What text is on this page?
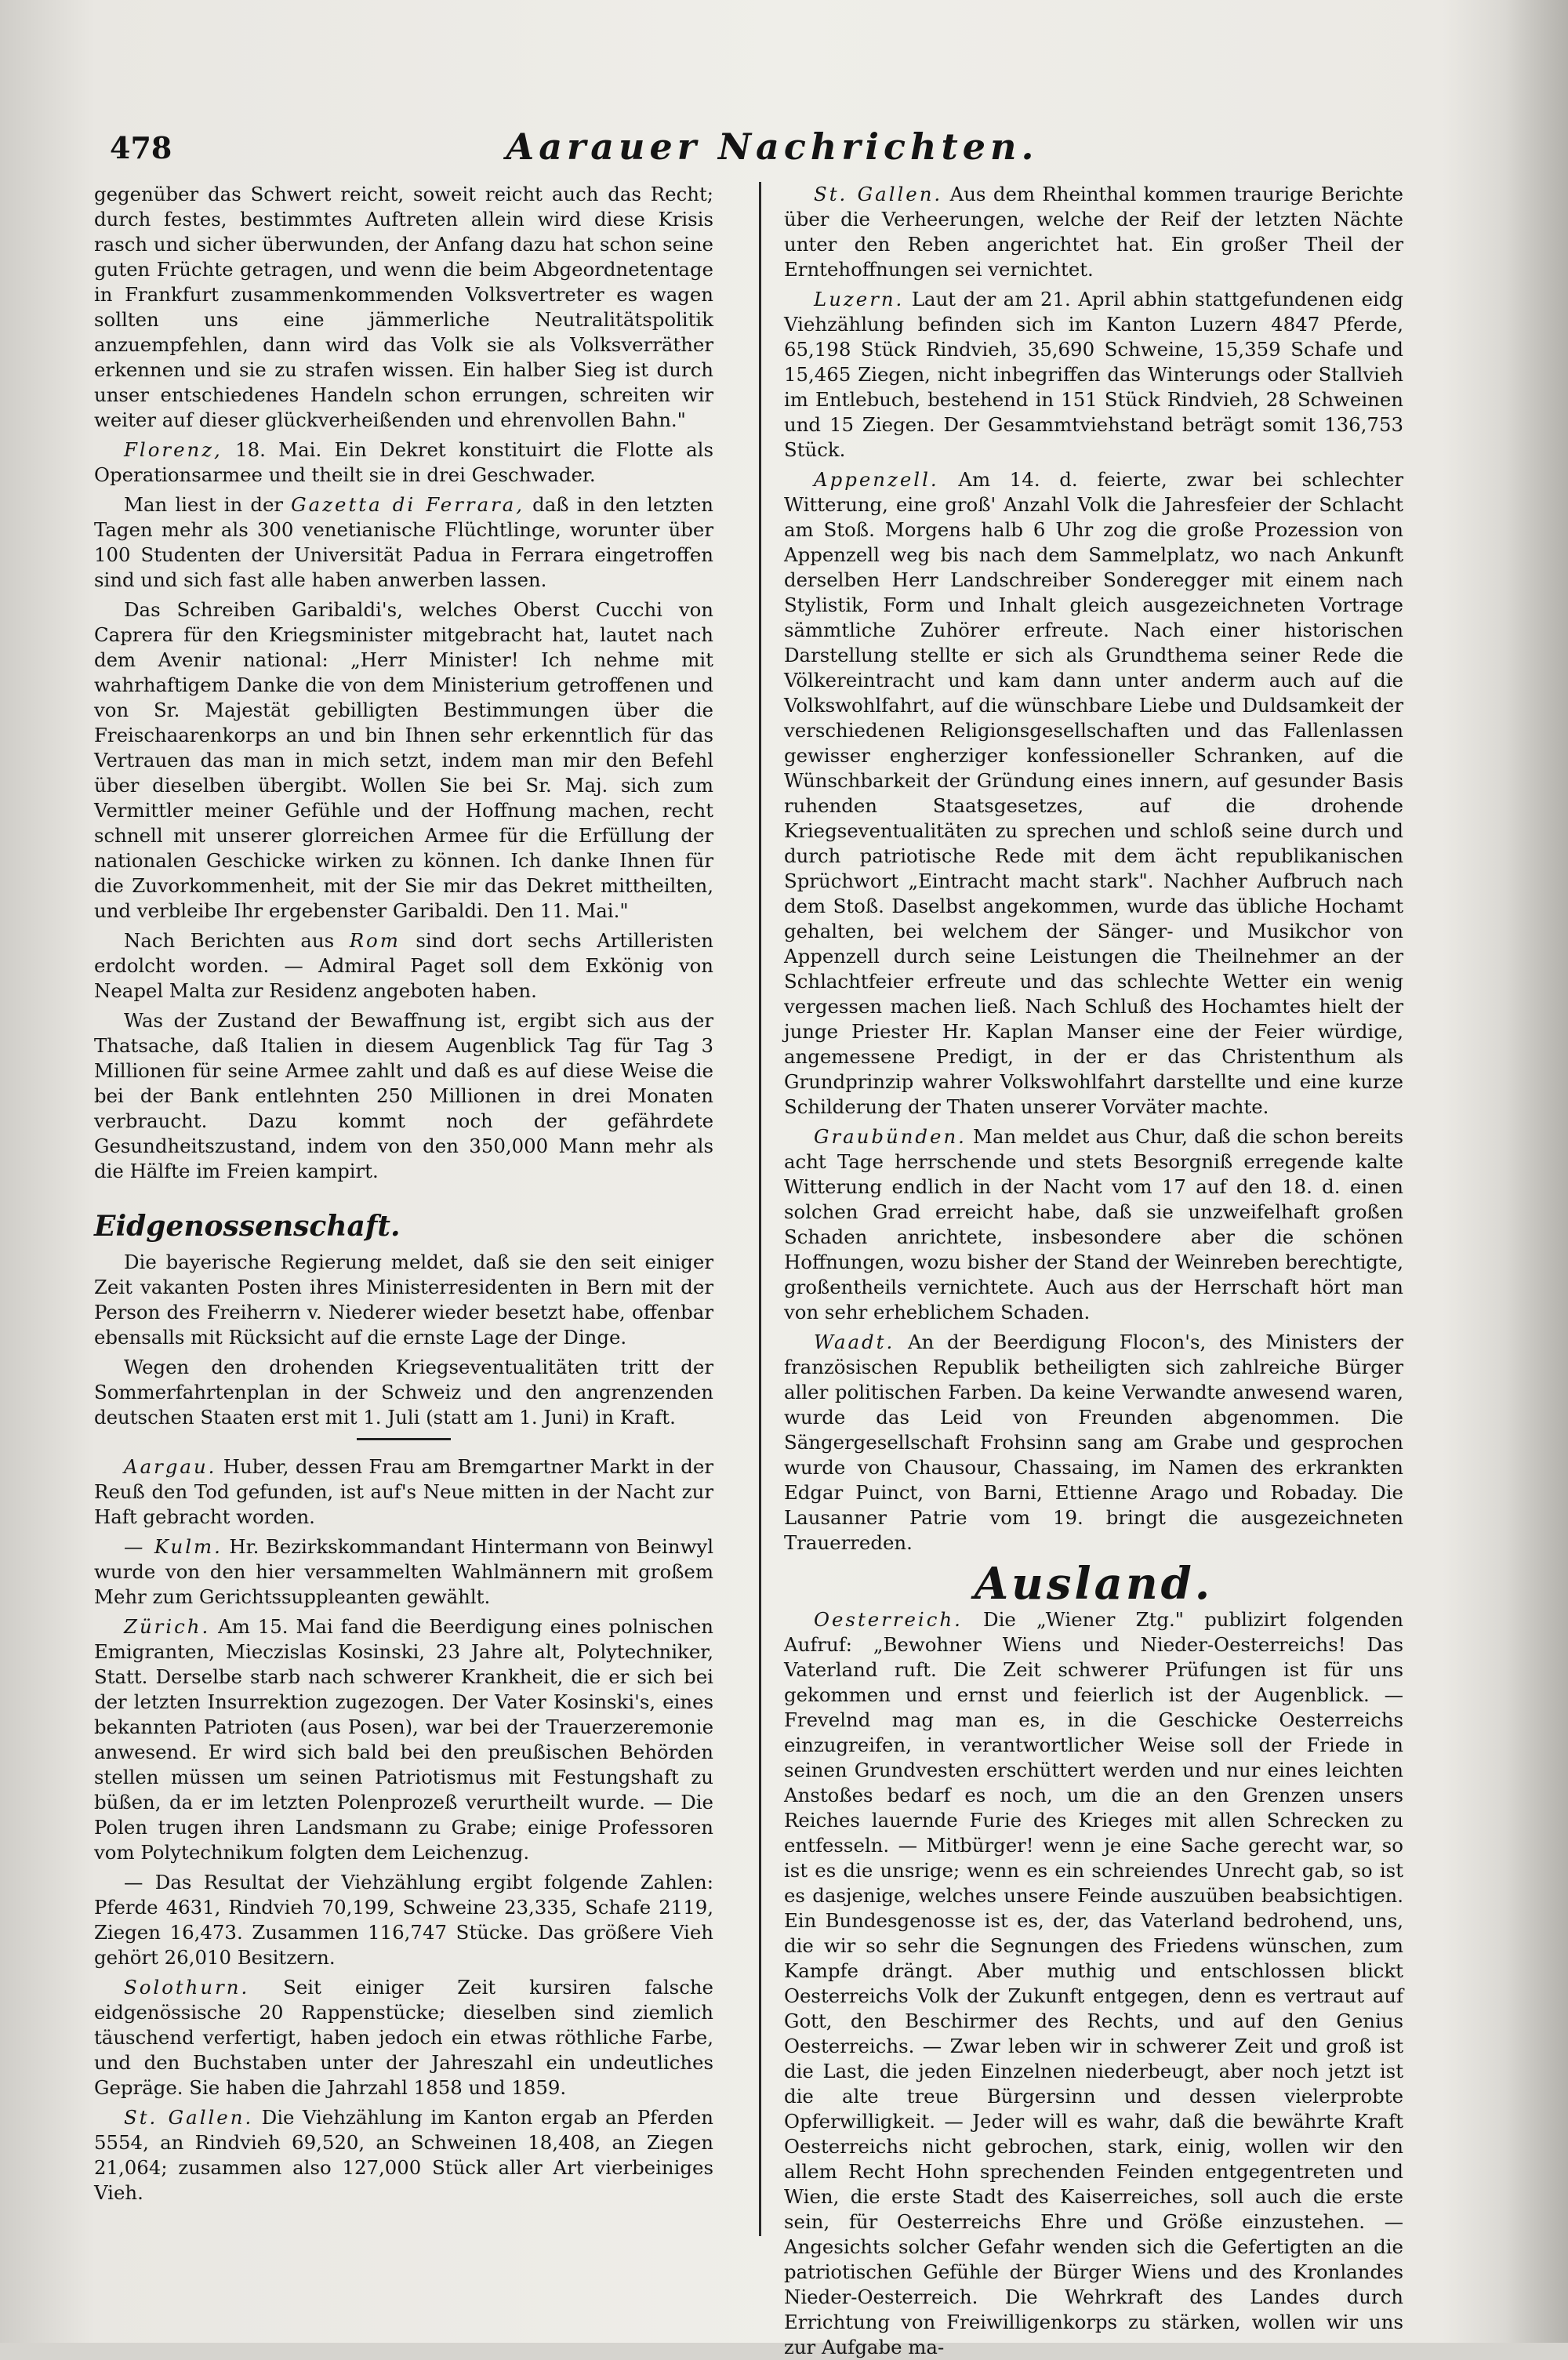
478	Aarauer Nachrichten.

gegenüber das Schwert reicht, soweit reicht auch das Recht; durch festes, bestimmtes Auftreten allein wird diese Krisis rasch und sicher überwunden, der Anfang dazu hat schon seine guten Früchte getragen, und wenn die beim Abgeordnetentage in Frankfurt zusammenkommenden Volksvertreter es wagen sollten uns eine jämmerliche Neutralitätspolitik anzuempfehlen, dann wird das Volk sie als Volksverräther erkennen und sie zu strafen wissen. Ein halber Sieg ist durch unser entschiedenes Handeln schon errungen, schreiten wir weiter auf dieser glückverheißenden und ehrenvollen Bahn."

Florenz, 18. Mai. Ein Dekret konstituirt die Flotte als Operationsarmee und theilt sie in drei Geschwader.

Man liest in der Gazetta di Ferrara, daß in den letzten Tagen mehr als 300 venetianische Flüchtlinge, worunter über 100 Studenten der Universität Padua in Ferrara eingetroffen sind und sich fast alle haben anwerben lassen.

Das Schreiben Garibaldi's, welches Oberst Cucchi von Caprera für den Kriegsminister mitgebracht hat, lautet nach dem Avenir national: „Herr Minister! Ich nehme mit wahrhaftigem Danke die von dem Ministerium getroffenen und von Sr. Majestät gebilligten Bestimmungen über die Freischaarenkorps an und bin Ihnen sehr erkenntlich für das Vertrauen das man in mich setzt, indem man mir den Befehl über dieselben übergibt. Wollen Sie bei Sr. Maj. sich zum Vermittler meiner Gefühle und der Hoffnung machen, recht schnell mit unserer glorreichen Armee für die Erfüllung der nationalen Geschicke wirken zu können. Ich danke Ihnen für die Zuvorkommenheit, mit der Sie mir das Dekret mittheilten, und verbleibe Ihr ergebenster Garibaldi. Den 11. Mai."

Nach Berichten aus Rom sind dort sechs Artilleristen erdolcht worden. — Admiral Paget soll dem Exkönig von Neapel Malta zur Residenz angeboten haben.

Was der Zustand der Bewaffnung ist, ergibt sich aus der Thatsache, daß Italien in diesem Augenblick Tag für Tag 3 Millionen für seine Armee zahlt und daß es auf diese Weise die bei der Bank entlehnten 250 Millionen in drei Monaten verbraucht. Dazu kommt noch der gefährdete Gesundheitszustand, indem von den 350,000 Mann mehr als die Hälfte im Freien kampirt.

Eidgenossenschaft.

Die bayerische Regierung meldet, daß sie den seit einiger Zeit vakanten Posten ihres Ministerresidenten in Bern mit der Person des Freiherrn v. Niederer wieder besetzt habe, offenbar ebensalls mit Rücksicht auf die ernste Lage der Dinge.

Wegen den drohenden Kriegseventualitäten tritt der Sommerfahrtenplan in der Schweiz und den angrenzenden deutschen Staaten erst mit 1. Juli (statt am 1. Juni) in Kraft.

Aargau. Huber, dessen Frau am Bremgartner Markt in der Reuß den Tod gefunden, ist auf's Neue mitten in der Nacht zur Haft gebracht worden.

— Kulm. Hr. Bezirkskommandant Hintermann von Beinwyl wurde von den hier versammelten Wahlmännern mit großem Mehr zum Gerichtssuppleanten gewählt.

Zürich. Am 15. Mai fand die Beerdigung eines polnischen Emigranten, Mieczislas Kosinski, 23 Jahre alt, Polytechniker, Statt. Derselbe starb nach schwerer Krankheit, die er sich bei der letzten Insurrektion zugezogen. Der Vater Kosinski's, eines bekannten Patrioten (aus Posen), war bei der Trauerzeremonie anwesend. Er wird sich bald bei den preußischen Behörden stellen müssen um seinen Patriotismus mit Festungshaft zu büßen, da er im letzten Polenprozeß verurtheilt wurde. — Die Polen trugen ihren Landsmann zu Grabe; einige Professoren vom Polytechnikum folgten dem Leichenzug.

— Das Resultat der Viehzählung ergibt folgende Zahlen: Pferde 4631, Rindvieh 70,199, Schweine 23,335, Schafe 2119, Ziegen 16,473. Zusammen 116,747 Stücke. Das größere Vieh gehört 26,010 Besitzern.

Solothurn. Seit einiger Zeit kursiren falsche eidgenössische 20 Rappenstücke; dieselben sind ziemlich täuschend verfertigt, haben jedoch ein etwas röthliche Farbe, und den Buchstaben unter der Jahreszahl ein undeutliches Gepräge. Sie haben die Jahrzahl 1858 und 1859.

St. Gallen. Die Viehzählung im Kanton ergab an Pferden 5554, an Rindvieh 69,520, an Schweinen 18,408, an Ziegen 21,064; zusammen also 127,000 Stück aller Art vierbeiniges Vieh.

St. Gallen. Aus dem Rheinthal kommen traurige Berichte über die Verheerungen, welche der Reif der letzten Nächte unter den Reben angerichtet hat. Ein großer Theil der Erntehoffnungen sei vernichtet.

Luzern. Laut der am 21. April abhin stattgefundenen eidg Viehzählung befinden sich im Kanton Luzern 4847 Pferde, 65,198 Stück Rindvieh, 35,690 Schweine, 15,359 Schafe und 15,465 Ziegen, nicht inbegriffen das Winterungs oder Stallvieh im Entlebuch, bestehend in 151 Stück Rindvieh, 28 Schweinen und 15 Ziegen. Der Gesammtviehstand beträgt somit 136,753 Stück.

Appenzell. Am 14. d. feierte, zwar bei schlechter Witterung, eine groß' Anzahl Volk die Jahresfeier der Schlacht am Stoß. Morgens halb 6 Uhr zog die große Prozession von Appenzell weg bis nach dem Sammelplatz, wo nach Ankunft derselben Herr Landschreiber Sonderegger mit einem nach Stylistik, Form und Inhalt gleich ausgezeichneten Vortrage sämmtliche Zuhörer erfreute. Nach einer historischen Darstellung stellte er sich als Grundthema seiner Rede die Völkereintracht und kam dann unter anderm auch auf die Volkswohlfahrt, auf die wünschbare Liebe und Duldsamkeit der verschiedenen Religionsgesellschaften und das Fallenlassen gewisser engherziger konfessioneller Schranken, auf die Wünschbarkeit der Gründung eines innern, auf gesunder Basis ruhenden Staatsgesetzes, auf die drohende Kriegseventualitäten zu sprechen und schloß seine durch und durch patriotische Rede mit dem ächt republikanischen Sprüchwort „Eintracht macht stark". Nachher Aufbruch nach dem Stoß. Daselbst angekommen, wurde das übliche Hochamt gehalten, bei welchem der Sänger- und Musikchor von Appenzell durch seine Leistungen die Theilnehmer an der Schlachtfeier erfreute und das schlechte Wetter ein wenig vergessen machen ließ. Nach Schluß des Hochamtes hielt der junge Priester Hr. Kaplan Manser eine der Feier würdige, angemessene Predigt, in der er das Christenthum als Grundprinzip wahrer Volkswohlfahrt darstellte und eine kurze Schilderung der Thaten unserer Vorväter machte.

Graubünden. Man meldet aus Chur, daß die schon bereits acht Tage herrschende und stets Besorgniß erregende kalte Witterung endlich in der Nacht vom 17 auf den 18. d. einen solchen Grad erreicht habe, daß sie unzweifelhaft großen Schaden anrichtete, insbesondere aber die schönen Hoffnungen, wozu bisher der Stand der Weinreben berechtigte, großentheils vernichtete. Auch aus der Herrschaft hört man von sehr erheblichem Schaden.

Waadt. An der Beerdigung Flocon's, des Ministers der französischen Republik betheiligten sich zahlreiche Bürger aller politischen Farben. Da keine Verwandte anwesend waren, wurde das Leid von Freunden abgenommen. Die Sängergesellschaft Frohsinn sang am Grabe und gesprochen wurde von Chausour, Chassaing, im Namen des erkrankten Edgar Puinct, von Barni, Ettienne Arago und Robaday. Die Lausanner Patrie vom 19. bringt die ausgezeichneten Trauerreden.

Ausland.

Oesterreich. Die „Wiener Ztg." publizirt folgenden Aufruf: „Bewohner Wiens und Nieder-Oesterreichs! Das Vaterland ruft. Die Zeit schwerer Prüfungen ist für uns gekommen und ernst und feierlich ist der Augenblick. — Frevelnd mag man es, in die Geschicke Oesterreichs einzugreifen, in verantwortlicher Weise soll der Friede in seinen Grundvesten erschüttert werden und nur eines leichten Anstoßes bedarf es noch, um die an den Grenzen unsers Reiches lauernde Furie des Krieges mit allen Schrecken zu entfesseln. — Mitbürger! wenn je eine Sache gerecht war, so ist es die unsrige; wenn es ein schreiendes Unrecht gab, so ist es dasjenige, welches unsere Feinde auszuüben beabsichtigen. Ein Bundesgenosse ist es, der, das Vaterland bedrohend, uns, die wir so sehr die Segnungen des Friedens wünschen, zum Kampfe drängt. Aber muthig und entschlossen blickt Oesterreichs Volk der Zukunft entgegen, denn es vertraut auf Gott, den Beschirmer des Rechts, und auf den Genius Oesterreichs. — Zwar leben wir in schwerer Zeit und groß ist die Last, die jeden Einzelnen niederbeugt, aber noch jetzt ist die alte treue Bürgersinn und dessen vielerprobte Opferwilligkeit. — Jeder will es wahr, daß die bewährte Kraft Oesterreichs nicht gebrochen, stark, einig, wollen wir den allem Recht Hohn sprechenden Feinden entgegentreten und Wien, die erste Stadt des Kaiserreiches, soll auch die erste sein, für Oesterreichs Ehre und Größe einzustehen. — Angesichts solcher Gefahr wenden sich die Gefertigten an die patriotischen Gefühle der Bürger Wiens und des Kronlandes Nieder-Oesterreich. Die Wehrkraft des Landes durch Errichtung von Freiwilligenkorps zu stärken, wollen wir uns zur Aufgabe ma-
